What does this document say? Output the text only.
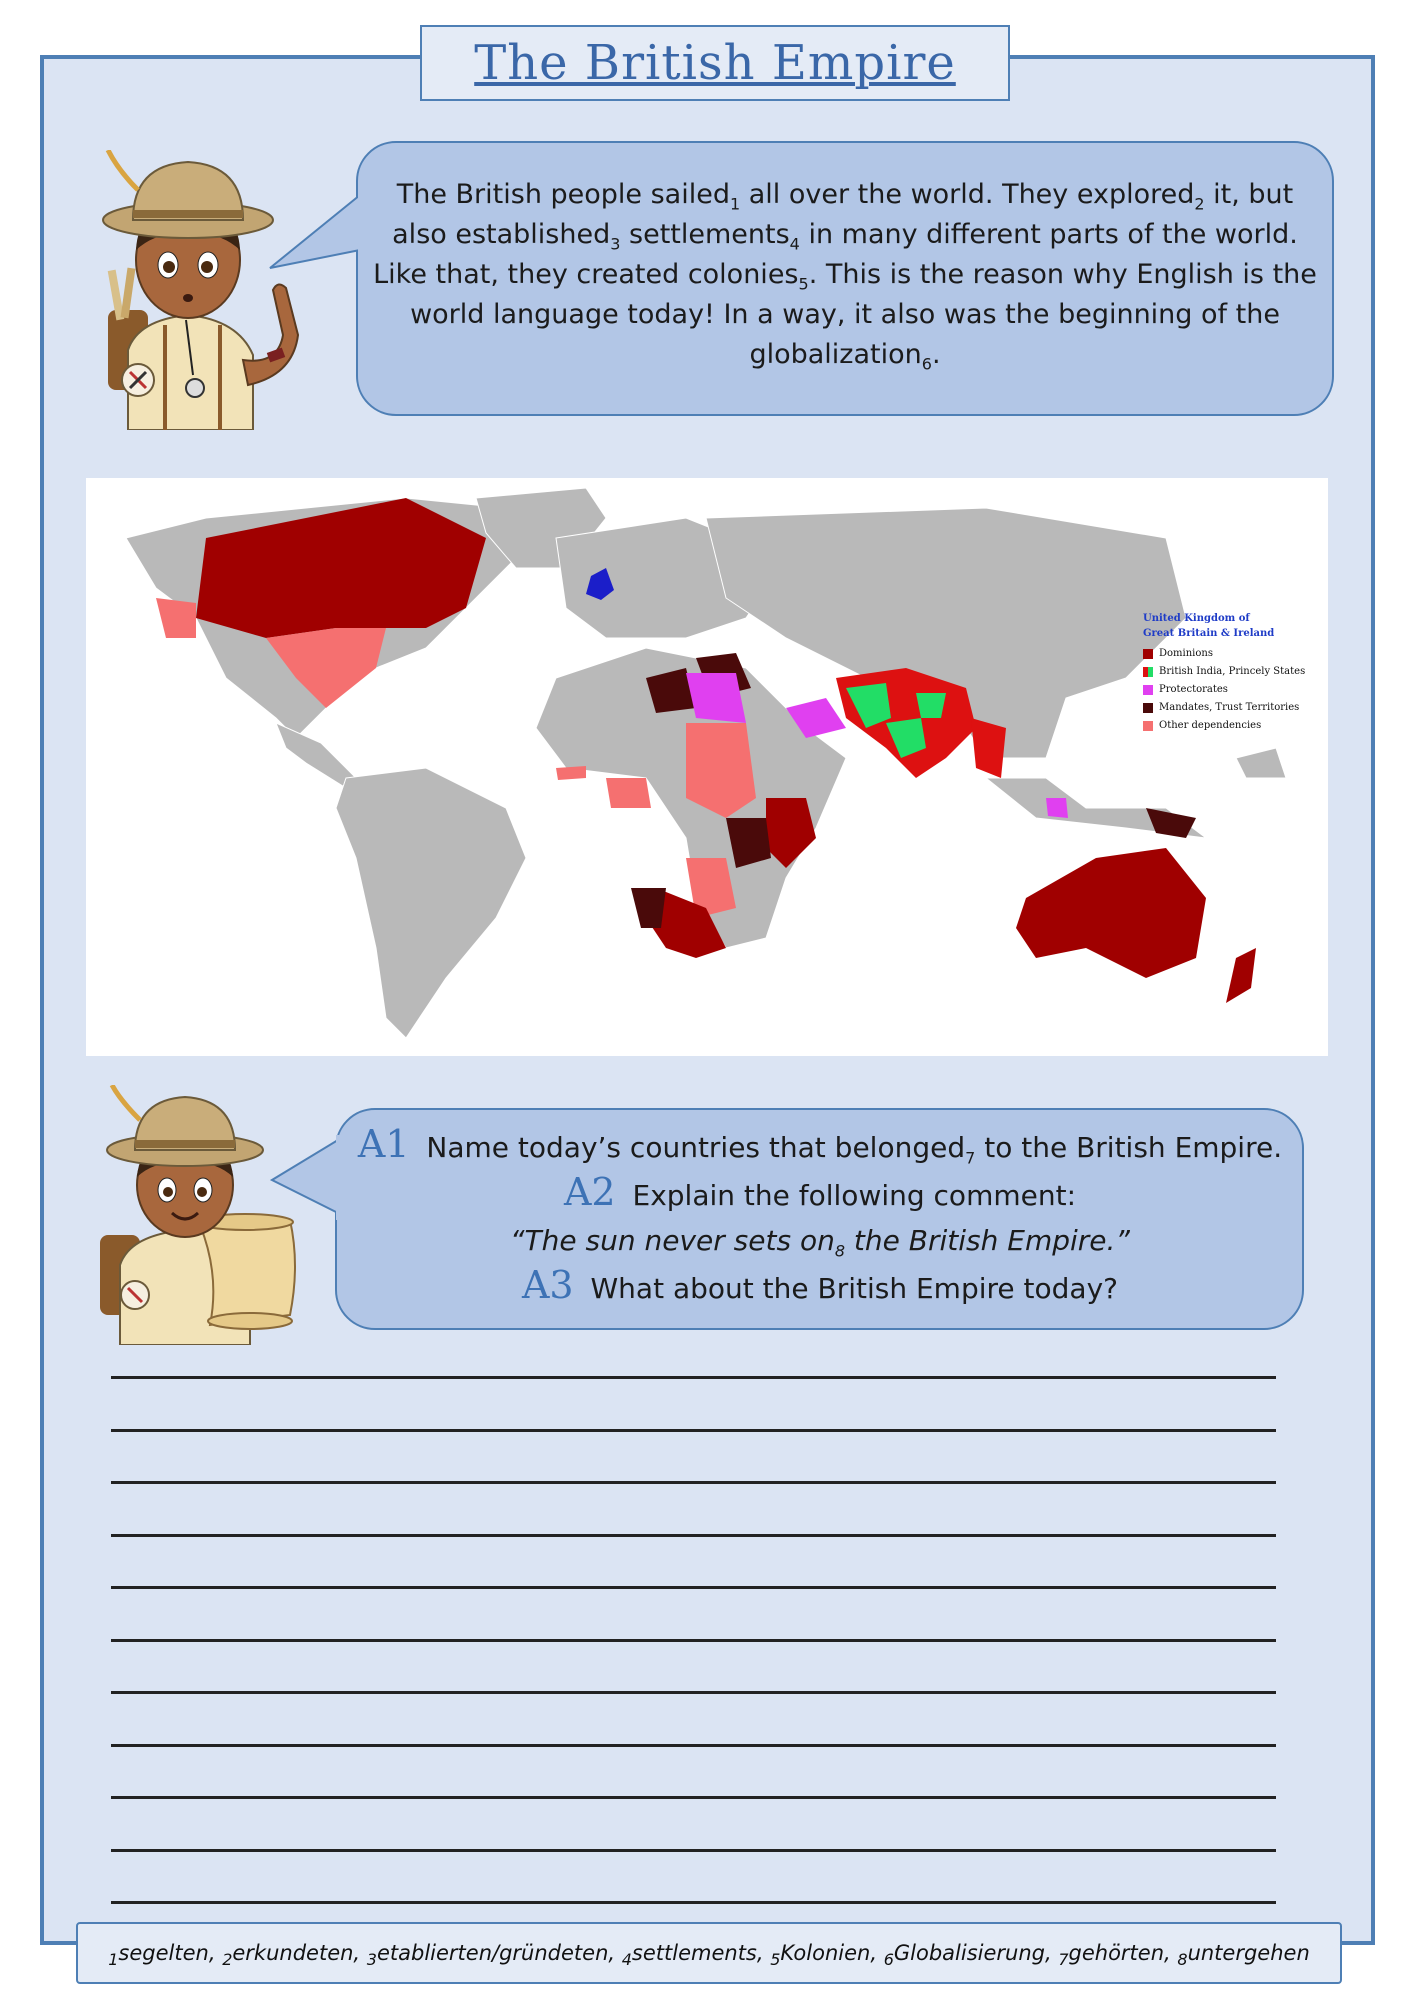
The British Empire
The British people sailed$_1$ all over the world. They explored$_2$ it, but also established$_3$ settlements$_4$ in many different parts of the world. Like that, they created colonies$_5$. This is the reason why English is the world language today! In a way, it also was the beginning of the globalization$_6$.
United Kingdom of
Great Britain & Ireland
Dominions
British India, Princely States
Protectorates
Mandates, Trust Territories
Other dependencies
A1 Name today’s countries that belonged$_7$ to the British Empire.
A2 Explain the following comment:
“The sun never sets $on_8$ the British Empire.”
A3 What about the British Empire today?
$_1$segelten, $_2$erkundeten, $_3$etablierten/gründeten, $_4$settlements, $_5$Kolonien, $_6$Globalisierung, $_7$gehörten, $_8$untergehen
